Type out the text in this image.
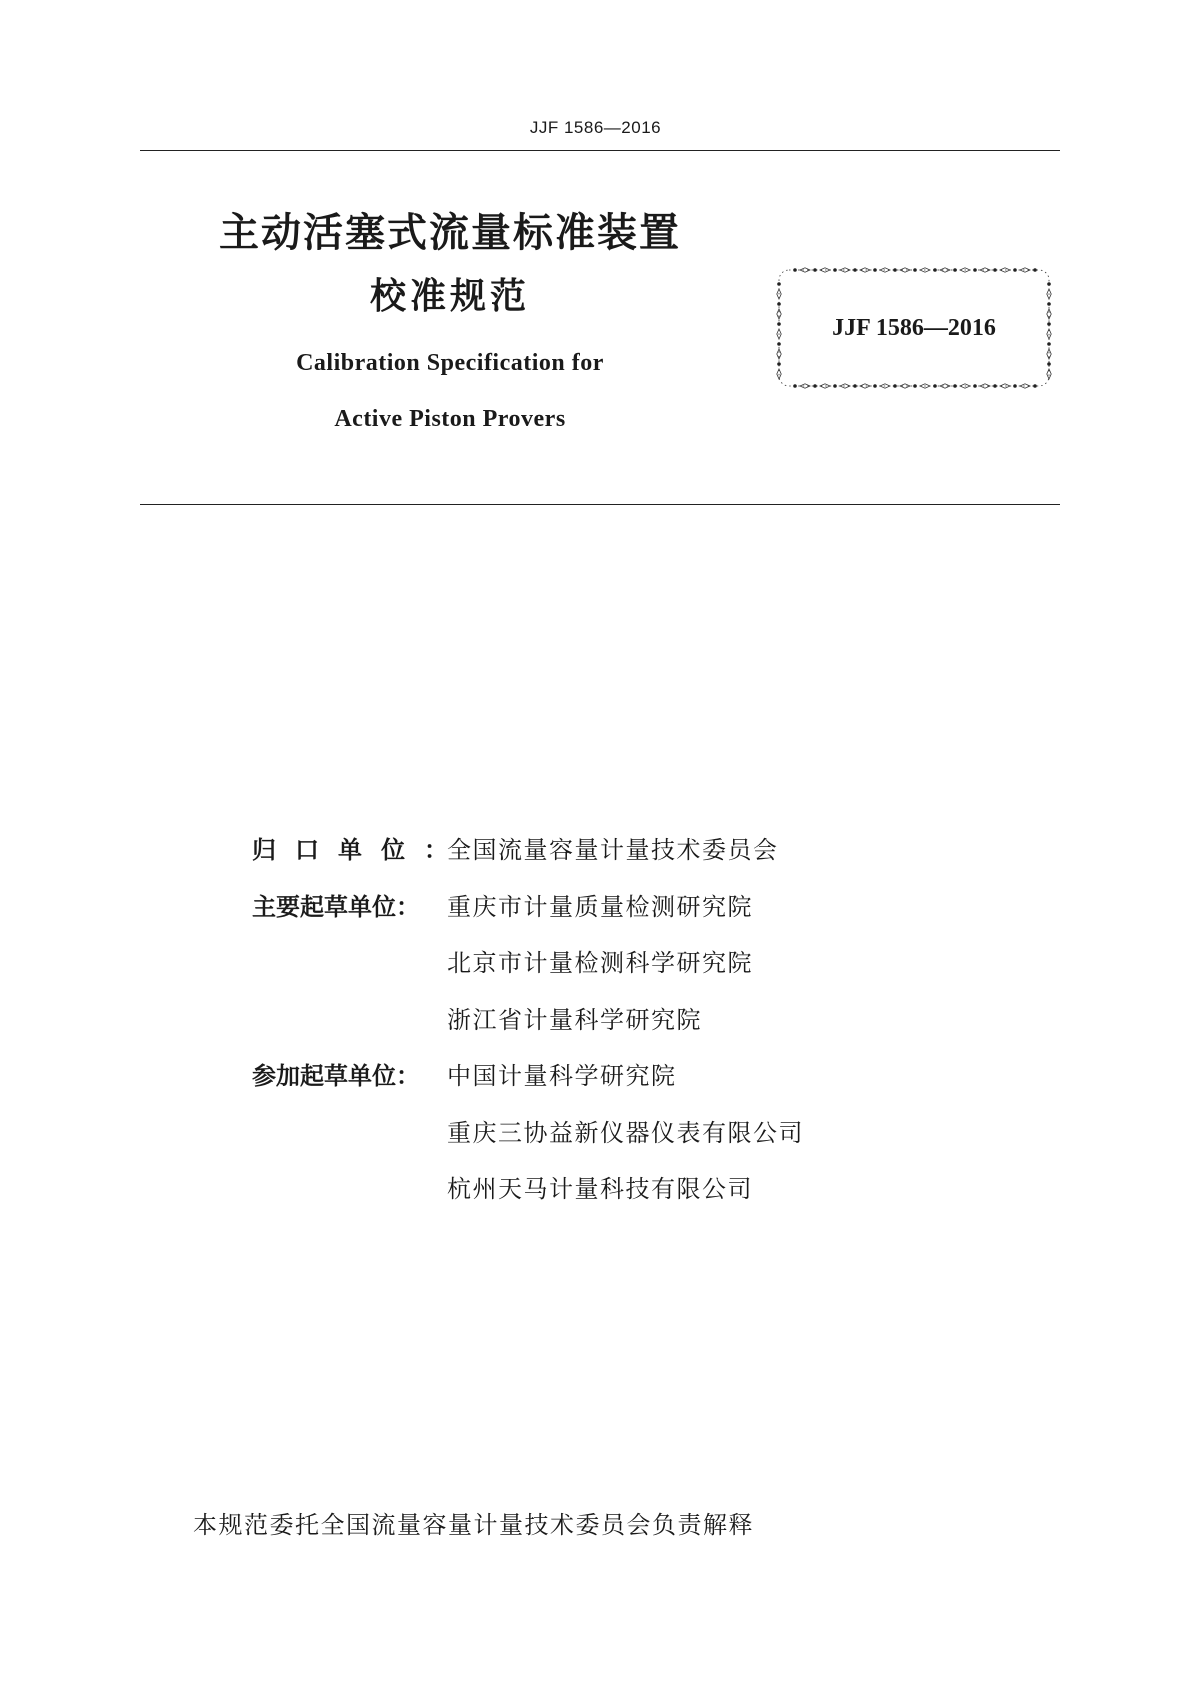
JJF 1586—2016
主动活塞式流量标准装置
校准规范
Calibration Specification for
Active Piston Provers
JJF 1586—2016
归口单位： 全国流量容量计量技术委员会
主要起草单位：	重庆市计量质量检测研究院
北京市计量检测科学研究院
浙江省计量科学研究院
参加起草单位：	中国计量科学研究院
重庆三协益新仪器仪表有限公司
杭州天马计量科技有限公司
本规范委托全国流量容量计量技术委员会负责解释
